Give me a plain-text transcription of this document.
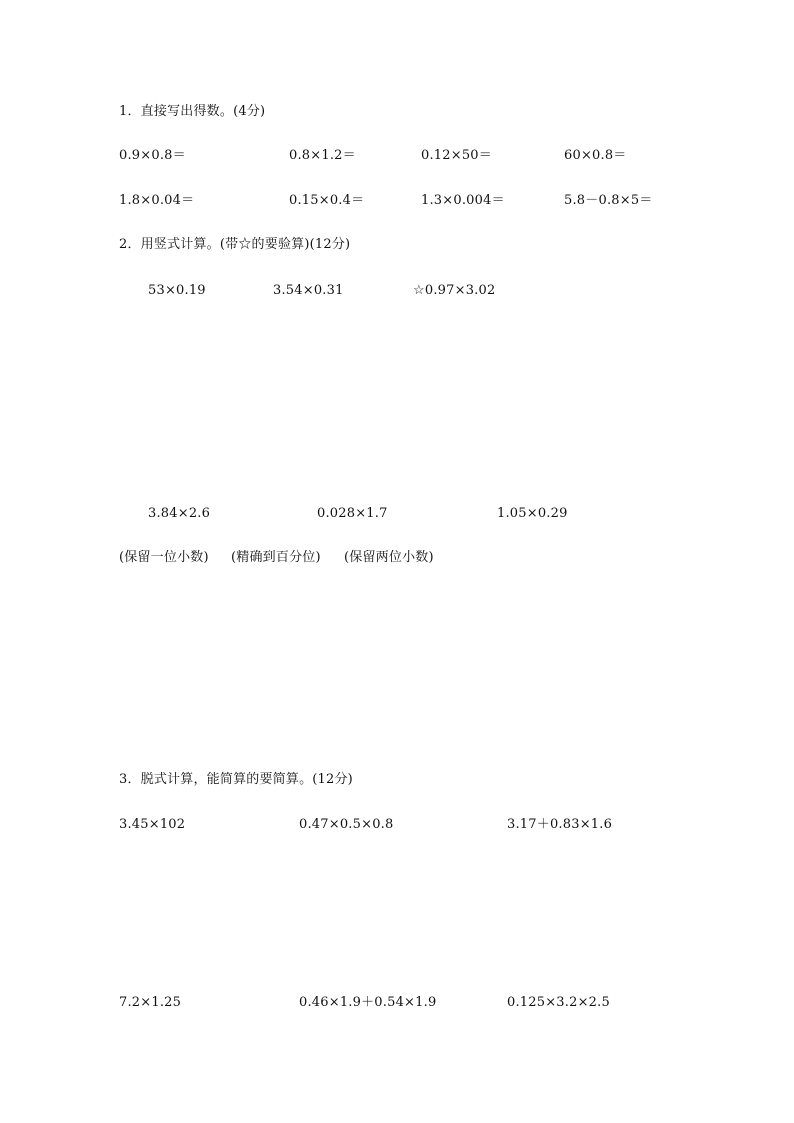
1．直接写出得数。(4分)
0.9×0.8＝	0.8×1.2＝	0.12×50＝	60×0.8＝
1.8×0.04＝	0.15×0.4＝	1.3×0.004＝	5.8－0.8×5＝
2．用竖式计算。(带☆的要验算)(12分)
53×0.19	3.54×0.31	☆0.97×3.02
3.84×2.6	0.028×1.7	1.05×0.29
(保留一位小数) (精确到百分位) (保留两位小数)
3．脱式计算，能简算的要简算。(12分)
3.45×102	0.47×0.5×0.8	3.17＋0.83×1.6
7.2×1.25	0.46×1.9＋0.54×1.9	0.125×3.2×2.5
